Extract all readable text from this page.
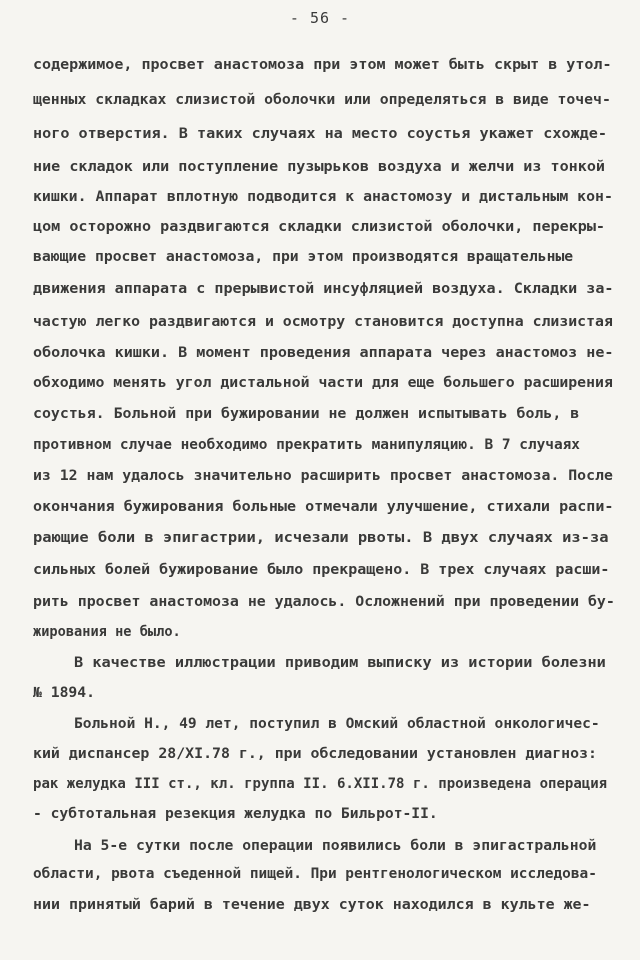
- 56 -
содержимое, просвет анастомоза при этом может быть скрыт в утол-
щенных складках слизистой оболочки или определяться в виде точеч-
ного отверстия. В таких случаях на место соустья укажет схожде-
ние складок или поступление пузырьков воздуха и желчи из тонкой
кишки. Аппарат вплотную подводится к анастомозу и дистальным кон-
цом осторожно раздвигаются складки слизистой оболочки, перекры-
вающие просвет анастомоза, при этом производятся вращательные
движения аппарата с прерывистой инсуфляцией воздуха. Складки за-
частую легко раздвигаются и осмотру становится доступна слизистая
оболочка кишки. В момент проведения аппарата через анастомоз не-
обходимо менять угол дистальной части для еще большего расширения
соустья. Больной при бужировании не должен испытывать боль, в
противном случае необходимо прекратить манипуляцию. В 7 случаях
из 12 нам удалось значительно расширить просвет анастомоза. После
окончания бужирования больные отмечали улучшение, стихали распи-
рающие боли в эпигастрии, исчезали рвоты. В двух случаях из-за
сильных болей бужирование было прекращено. В трех случаях расши-
рить просвет анастомоза не удалось. Осложнений при проведении бу-
жирования не было.
В качестве иллюстрации приводим выписку из истории болезни
№ 1894.
Больной Н., 49 лет, поступил в Омский областной онкологичес-
кий диспансер 28/XI.78 г., при обследовании установлен диагноз:
рак желудка III ст., кл. группа II. 6.XII.78 г. произведена операция
- субтотальная резекция желудка по Бильрот-II.
На 5-е сутки после операции появились боли в эпигастральной
области, рвота съеденной пищей. При рентгенологическом исследова-
нии принятый барий в течение двух суток находился в культе же-
